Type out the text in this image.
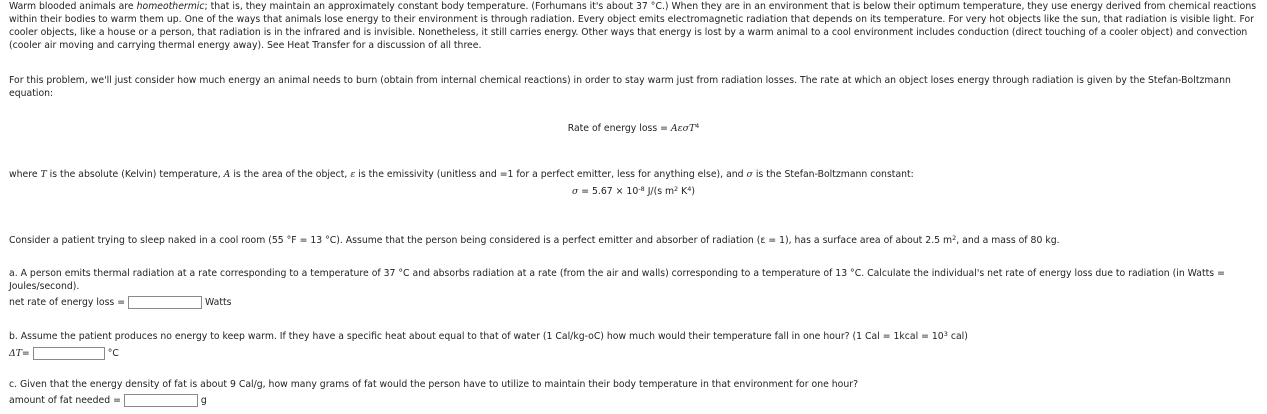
Warm blooded animals are homeothermic; that is, they maintain an approximately constant body temperature. (Forhumans it's about 37 °C.) When they are in an environment that is below their optimum temperature, they use energy derived from chemical reactions within their bodies to warm them up. One of the ways that animals lose energy to their environment is through radiation. Every object emits electromagnetic radiation that depends on its temperature. For very hot objects like the sun, that radiation is visible light. For cooler objects, like a house or a person, that radiation is in the infrared and is invisible. Nonetheless, it still carries energy. Other ways that energy is lost by a warm animal to a cool environment includes conduction (direct touching of a cooler object) and convection (cooler air moving and carrying thermal energy away). See Heat Transfer for a discussion of all three.

For this problem, we'll just consider how much energy an animal needs to burn (obtain from internal chemical reactions) in order to stay warm just from radiation losses. The rate at which an object loses energy through radiation is given by the Stefan-Boltzmann equation:

Rate of energy loss = AεσT$^4$

where T is the absolute (Kelvin) temperature, A is the area of the object, ε is the emissivity (unitless and =1 for a perfect emitter, less for anything else), and σ is the Stefan-Boltzmann constant:

$\sigma = 5.67 \times 10^{-8}$ J/(s $m^2$ $K^4$)

Consider a patient trying to sleep naked in a cool room (55 °F = 13 °C). Assume that the person being considered is a perfect emitter and absorber of radiation (ε = 1), has a surface area of about 2.5 $m^2$, and a mass of 80 kg.

a. A person emits thermal radiation at a rate corresponding to a temperature of 37 °C and absorbs radiation at a rate (from the air and walls) corresponding to a temperature of 13 °C. Calculate the individual's net rate of energy loss due to radiation (in Watts = Joules/second).

net rate of energy loss =	Watts

b. Assume the patient produces no energy to keep warm. If they have a specific heat about equal to that of water (1 Cal/kg-oC) how much would their temperature fall in one hour? (1 Cal = 1kcal = $10^3$ cal)

ΔT =	°C

c. Given that the energy density of fat is about 9 Cal/g, how many grams of fat would the person have to utilize to maintain their body temperature in that environment for one hour?

amount of fat needed =	g
